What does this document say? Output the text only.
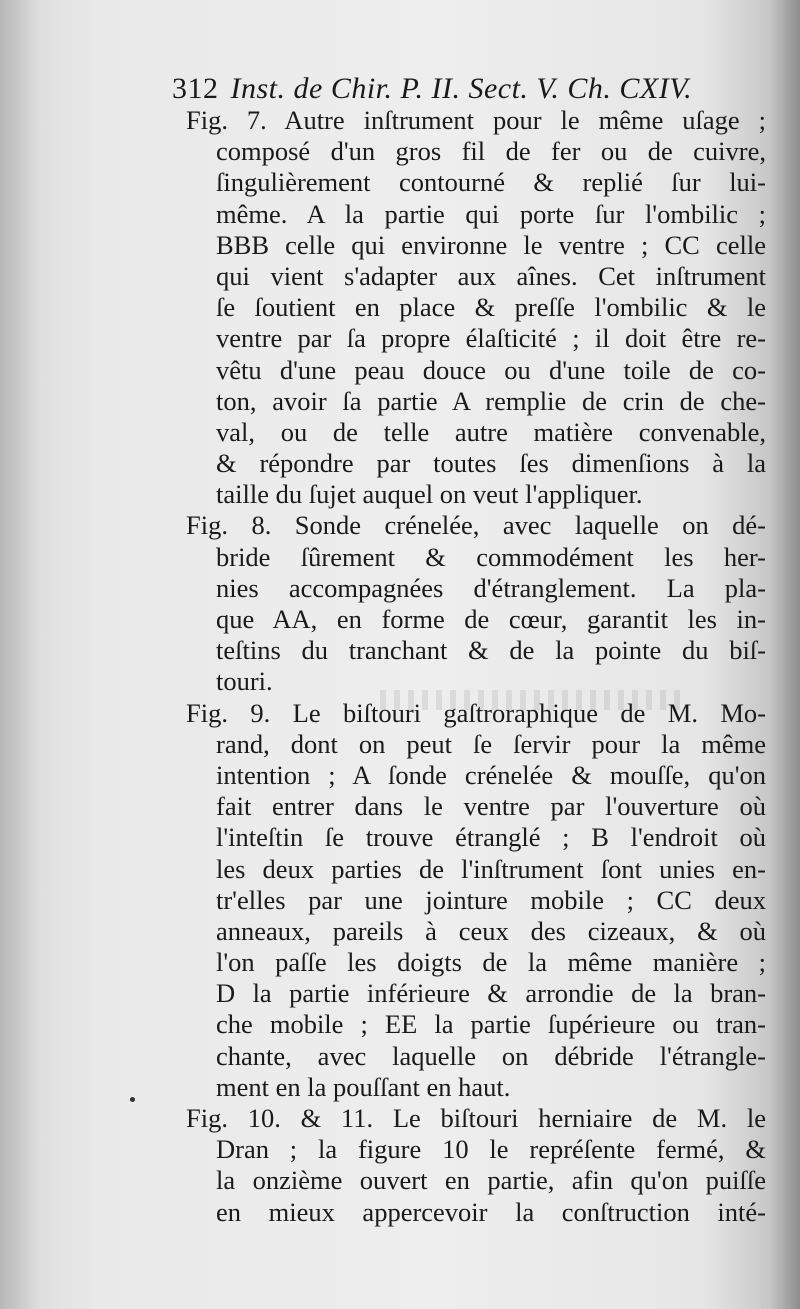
312 Inst. de Chir. P. II. Sect. V. Ch. CXIV.
Fig. 7. Autre inſtrument pour le même uſage ;
composé d'un gros fil de fer ou de cuivre,
ſingulièrement contourné & replié ſur lui-
même. A la partie qui porte ſur l'ombilic ;
BBB celle qui environne le ventre ; CC celle
qui vient s'adapter aux aînes. Cet inſtrument
ſe ſoutient en place & preſſe l'ombilic & le
ventre par ſa propre élaſticité ; il doit être re-
vêtu d'une peau douce ou d'une toile de co-
ton, avoir ſa partie A remplie de crin de che-
val, ou de telle autre matière convenable,
& répondre par toutes ſes dimenſions à la
taille du ſujet auquel on veut l'appliquer.
Fig. 8. Sonde crénelée, avec laquelle on dé-
bride ſûrement & commodément les her-
nies accompagnées d'étranglement. La pla-
que AA, en forme de cœur, garantit les in-
teſtins du tranchant & de la pointe du biſ-
touri.
Fig. 9. Le biſtouri gaſtroraphique de M. Mo-
rand, dont on peut ſe ſervir pour la même
intention ; A ſonde crénelée & mouſſe, qu'on
fait entrer dans le ventre par l'ouverture où
l'inteſtin ſe trouve étranglé ; B l'endroit où
les deux parties de l'inſtrument ſont unies en-
tr'elles par une jointure mobile ; CC deux
anneaux, pareils à ceux des cizeaux, & où
l'on paſſe les doigts de la même manière ;
D la partie inférieure & arrondie de la bran-
che mobile ; EE la partie ſupérieure ou tran-
chante, avec laquelle on débride l'étrangle-
ment en la pouſſant en haut.
Fig. 10. & 11. Le biſtouri herniaire de M. le
Dran ; la figure 10 le repréſente fermé, &
la onzième ouvert en partie, afin qu'on puiſſe
en mieux appercevoir la conſtruction inté-
